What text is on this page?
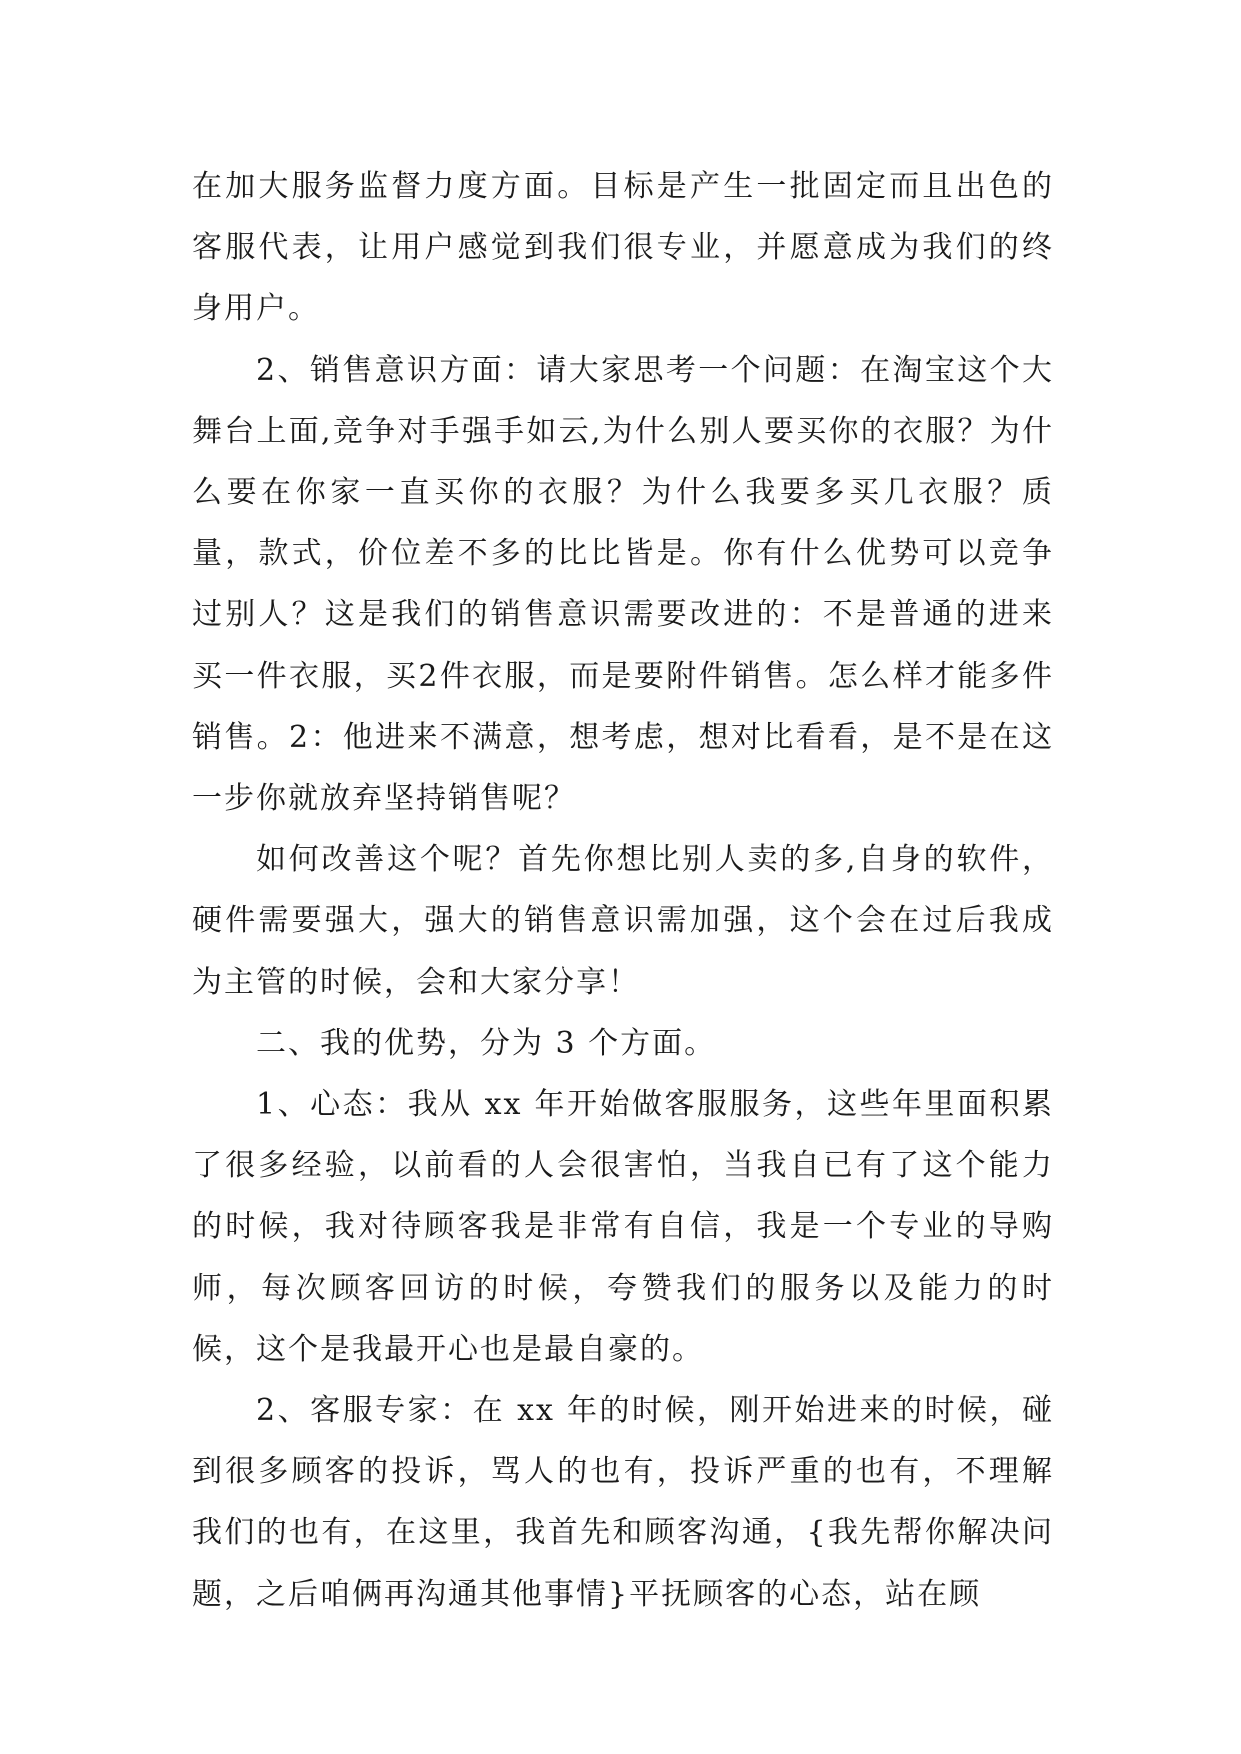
在加大服务监督力度方面。目标是产生一批固定而且出色的客服代表，让用户感觉到我们很专业，并愿意成为我们的终身用户。

2、销售意识方面：请大家思考一个问题：在淘宝这个大舞台上面,竞争对手强手如云,为什么别人要买你的衣服？为什么要在你家一直买你的衣服？为什么我要多买几衣服？质量，款式，价位差不多的比比皆是。你有什么优势可以竞争过别人？这是我们的销售意识需要改进的：不是普通的进来买一件衣服，买2件衣服，而是要附件销售。怎么样才能多件销售。2：他进来不满意，想考虑，想对比看看，是不是在这一步你就放弃坚持销售呢？

如何改善这个呢？首先你想比别人卖的多,自身的软件，硬件需要强大，强大的销售意识需加强，这个会在过后我成为主管的时候，会和大家分享！

二、我的优势，分为 3 个方面。

1、心态：我从 xx 年开始做客服服务，这些年里面积累了很多经验，以前看的人会很害怕，当我自已有了这个能力的时候，我对待顾客我是非常有自信，我是一个专业的导购师，每次顾客回访的时候，夸赞我们的服务以及能力的时候，这个是我最开心也是最自豪的。

2、客服专家：在 xx 年的时候，刚开始进来的时候，碰到很多顾客的投诉，骂人的也有，投诉严重的也有，不理解我们的也有，在这里，我首先和顾客沟通，{我先帮你解决问题，之后咱俩再沟通其他事情}平抚顾客的心态，站在顾
